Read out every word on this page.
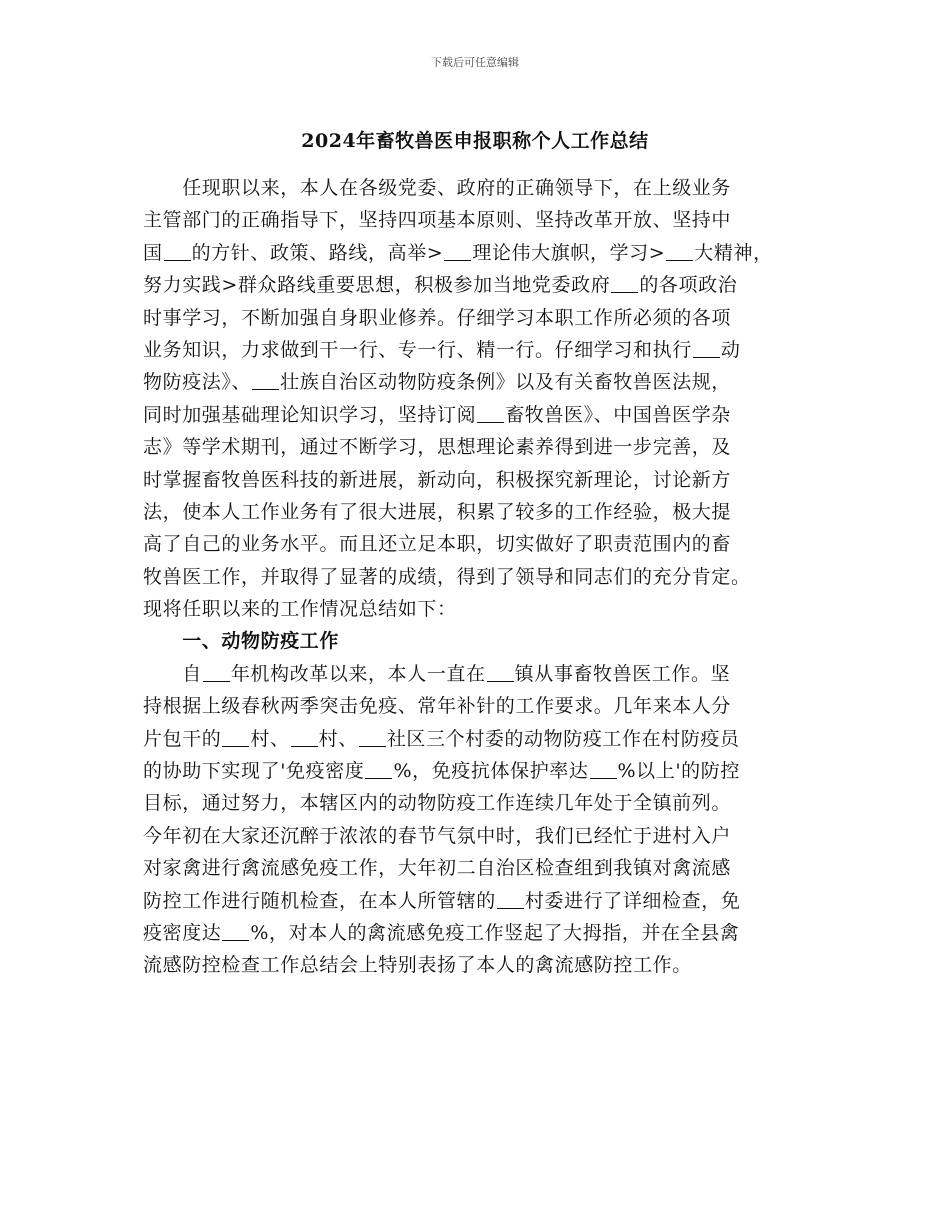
下载后可任意编辑
2024年畜牧兽医申报职称个人工作总结
　　任现职以来，本人在各级党委、政府的正确领导下，在上级业务
主管部门的正确指导下，坚持四项基本原则、坚持改革开放、坚持中
国 的方针、政策、路线，高举> 理论伟大旗帜，学习> 大精神，
努力实践>群众路线重要思想，积极参加当地党委政府 的各项政治
时事学习，不断加强自身职业修养。仔细学习本职工作所必须的各项
业务知识，力求做到干一行、专一行、精一行。仔细学习和执行 动
物防疫法》、 壮族自治区动物防疫条例》以及有关畜牧兽医法规，
同时加强基础理论知识学习，坚持订阅 畜牧兽医》、中国兽医学杂
志》等学术期刊，通过不断学习，思想理论素养得到进一步完善，及
时掌握畜牧兽医科技的新进展，新动向，积极探究新理论，讨论新方
法，使本人工作业务有了很大进展，积累了较多的工作经验，极大提
高了自己的业务水平。而且还立足本职，切实做好了职责范围内的畜
牧兽医工作，并取得了显著的成绩，得到了领导和同志们的充分肯定。
现将任职以来的工作情况总结如下：
　　一、动物防疫工作
　　自 年机构改革以来，本人一直在 镇从事畜牧兽医工作。坚
持根据上级春秋两季突击免疫、常年补针的工作要求。几年来本人分
片包干的 村、 村、 社区三个村委的动物防疫工作在村防疫员
的协助下实现了'免疫密度 %，免疫抗体保护率达 %以上'的防控
目标，通过努力，本辖区内的动物防疫工作连续几年处于全镇前列。
今年初在大家还沉醉于浓浓的春节气氛中时，我们已经忙于进村入户
对家禽进行禽流感免疫工作，大年初二自治区检查组到我镇对禽流感
防控工作进行随机检查，在本人所管辖的 村委进行了详细检查，免
疫密度达 %，对本人的禽流感免疫工作竖起了大拇指，并在全县禽
流感防控检查工作总结会上特别表扬了本人的禽流感防控工作。
